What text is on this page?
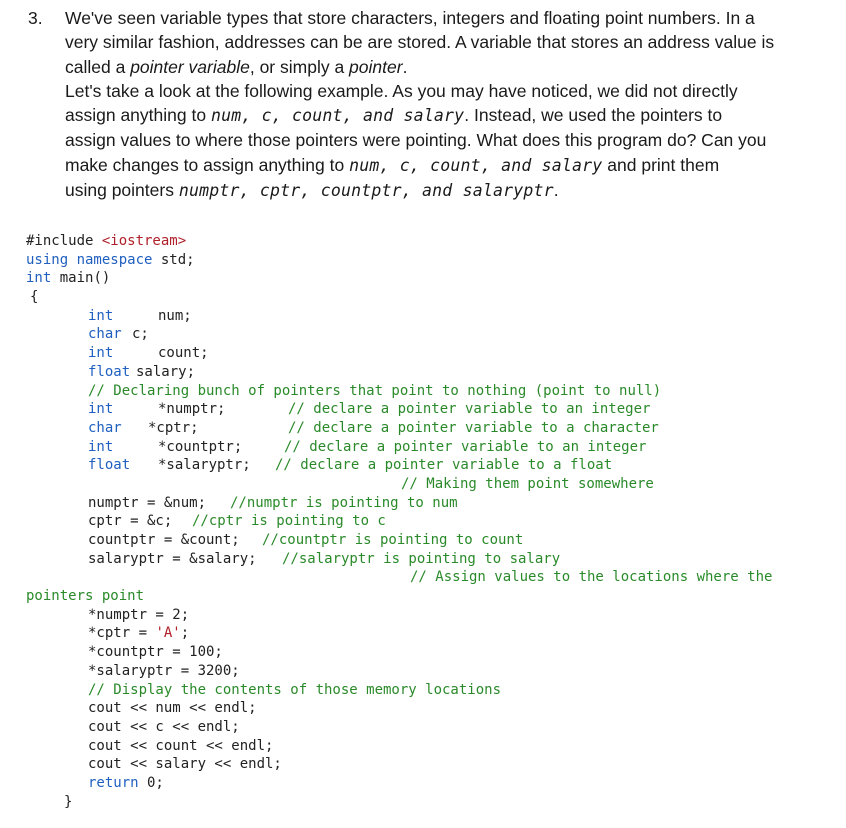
3. We've seen variable types that store characters, integers and floating point numbers. In a

very similar fashion, addresses can be are stored. A variable that stores an address value is

called a pointer variable, or simply a pointer.

Let's take a look at the following example. As you may have noticed, we did not directly

assign anything to num, c, count, and salary. Instead, we used the pointers to

assign values to where those pointers were pointing. What does this program do? Can you

make changes to assign anything to num, c, count, and salary and print them

using pointers numptr, cptr, countptr, and salaryptr.

#include <iostream>
using namespace std;
int main()
{
int	num;
char c;
int	count;
float salary;
// Declaring bunch of pointers that point to nothing (point to null)
int	*numptr;	// declare a pointer variable to an integer
char *cptr;	// declare a pointer variable to a character
int	*countptr;	// declare a pointer variable to an integer
float *salaryptr; // declare a pointer variable to a float
// Making them point somewhere
numptr = &num; //numptr is pointing to num
cptr = &c; //cptr is pointing to c
countptr = &count; //countptr is pointing to count
salaryptr = &salary; //salaryptr is pointing to salary
// Assign values to the locations where the
pointers point
*numptr = 2;
*cptr = 'A';
*countptr = 100;
*salaryptr = 3200;
// Display the contents of those memory locations
cout << num << endl;
cout << c << endl;
cout << count << endl;
cout << salary << endl;
return 0;
}
